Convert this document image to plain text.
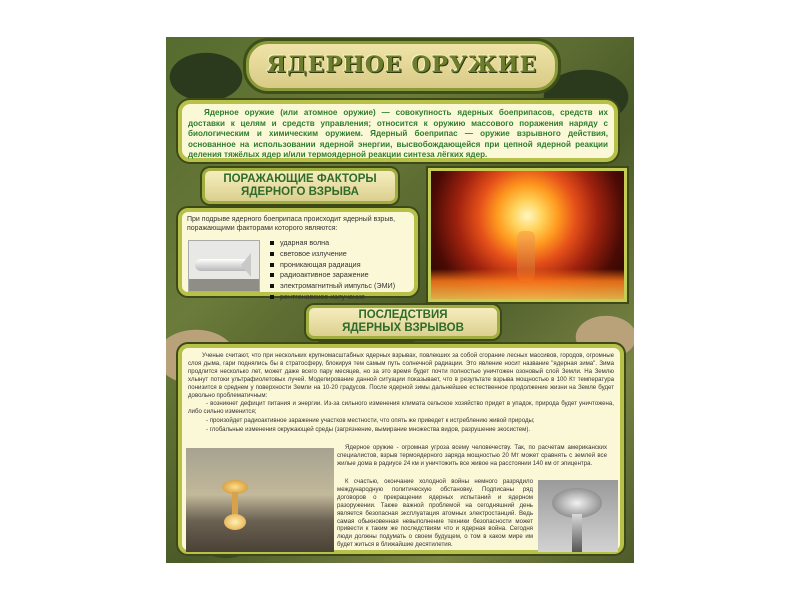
ЯДЕРНОЕ ОРУЖИЕ

Ядерное оружие (или атомное оружие) — совокупность ядерных боеприпасов, средств их доставки к целям и средств управления; относится к оружию массового поражения наряду с биологическим и химическим оружием. Ядерный боеприпас — оружие взрывного действия, основанное на использовании ядерной энергии, высвобождающейся при цепной ядерной реакции деления тяжёлых ядер и/или термоядерной реакции синтеза лёгких ядер.

ПОРАЖАЮЩИЕ ФАКТОРЫ
ЯДЕРНОГО ВЗРЫВА

При подрыве ядерного боеприпаса происходит ядерный взрыв, поражающими факторами которого являются:

ударная волна
световое излучение
проникающая радиация
радиоактивное заражение
электромагнитный импульс (ЭМИ)
рентгеновское излучение
ПОСЛЕДСТВИЯ
ЯДЕРНЫХ ВЗРЫВОВ

Ученые считают, что при нескольких крупномасштабных ядерных взрывах, повлекших за собой сгорание лесных массивов, городов, огромные слоя дыма, гари поднялись бы в стратосферу, блокируя тем самым путь солнечной радиации. Это явление носит название "ядерная зима". Зима продлится несколько лет, может даже всего пару месяцев, но за это время будет почти полностью уничтожен озоновый слой Земли. На Землю хлынут потоки ультрафиолетовых лучей. Моделирование данной ситуации показывает, что в результате взрыва мощностью в 100 Кт температура понизится в среднем у поверхности Земли на 10-20 градусов. После ядерной зимы дальнейшее естественное продолжение жизни на Земле будет довольно проблематичным:

- возникнет дефицит питания и энергии. Из-за сильного изменения климата сельское хозяйство придет в упадок, природа будет уничтожена, либо сильно изменится;

- произойдет радиоактивное заражение участков местности, что опять же приведет к истреблению живой природы;

- глобальные изменения окружающей среды (загрязнение, вымирание множества видов, разрушение экосистем).

Ядерное оружие - огромная угроза всему человечеству. Так, по расчетам американских специалистов, взрыв термоядерного заряда мощностью 20 Мт может сравнять с землей все жилые дома в радиусе 24 км и уничтожить все живое на расстоянии 140 км от эпицентра.

К счастью, окончание холодной войны немного разрядило международную политическую обстановку. Подписаны ряд договоров о прекращении ядерных испытаний и ядерном разоружении. Также важной проблемой на сегодняшний день является безопасная эксплуатация атомных электростанций. Ведь самая обыкновенная невыполнение техники безопасности может привести к таким же последствиям что и ядерная война. Сегодня люди должны подумать о своем будущем, о том в каком мире им будет житься в ближайшие десятилетия.
